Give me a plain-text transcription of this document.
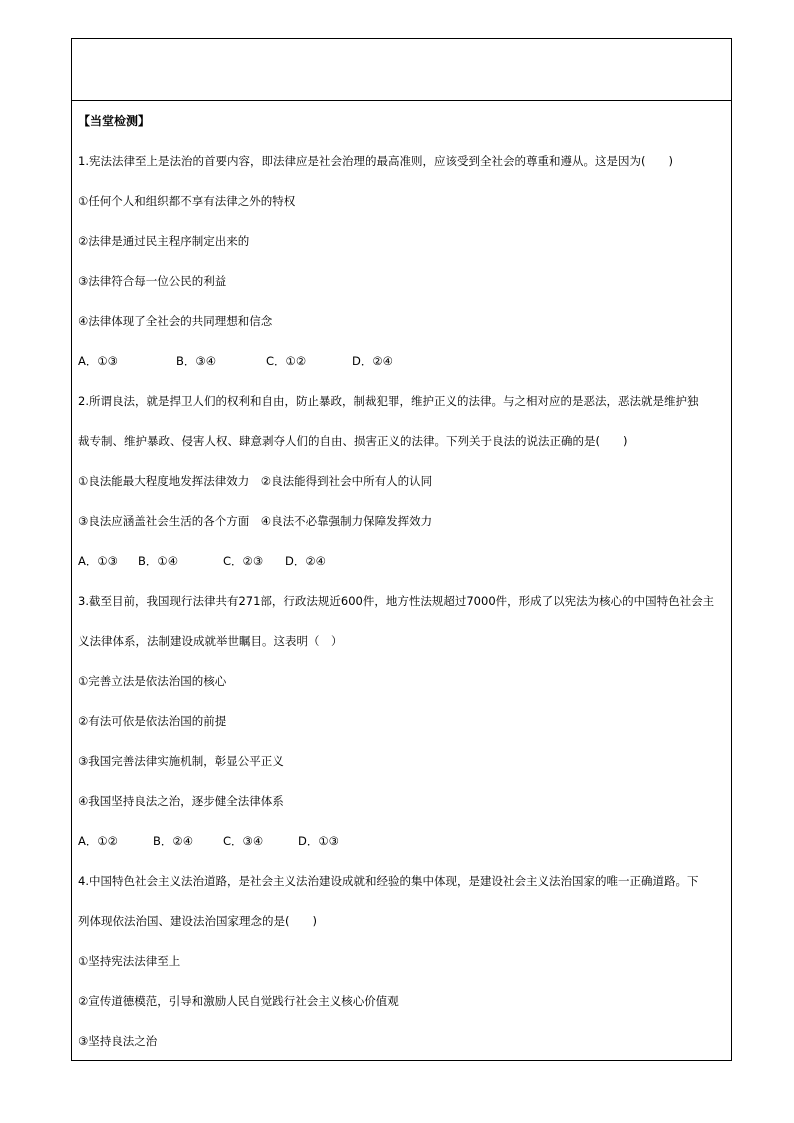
【当堂检测】
1.宪法法律至上是法治的首要内容，即法律应是社会治理的最高准则，应该受到全社会的尊重和遵从。这是因为(　　)
①任何个人和组织都不享有法律之外的特权
②法律是通过民主程序制定出来的
③法律符合每一位公民的利益
④法律体现了全社会的共同理想和信念
A．①③	B．③④	C．①②	D．②④
2.所谓良法，就是捍卫人们的权利和自由，防止暴政，制裁犯罪，维护正义的法律。与之相对应的是恶法，恶法就是维护独
裁专制、维护暴政、侵害人权、肆意剥夺人们的自由、损害正义的法律。下列关于良法的说法正确的是(　　)
①良法能最大程度地发挥法律效力　②良法能得到社会中所有人的认同
③良法应涵盖社会生活的各个方面　④良法不必靠强制力保障发挥效力
A．①③ B．①④	C．②③ D．②④
3.截至目前，我国现行法律共有271部，行政法规近600件，地方性法规超过7000件，形成了以宪法为核心的中国特色社会主
义法律体系，法制建设成就举世瞩目。这表明（　）
①完善立法是依法治国的核心
②有法可依是依法治国的前提
③我国完善法律实施机制，彰显公平正义
④我国坚持良法之治，逐步健全法律体系
A．①②	B．②④	C．③④	D．①③
4.中国特色社会主义法治道路，是社会主义法治建设成就和经验的集中体现，是建设社会主义法治国家的唯一正确道路。下
列体现依法治国、建设法治国家理念的是(　　)
①坚持宪法法律至上
②宣传道德模范，引导和激励人民自觉践行社会主义核心价值观
③坚持良法之治
